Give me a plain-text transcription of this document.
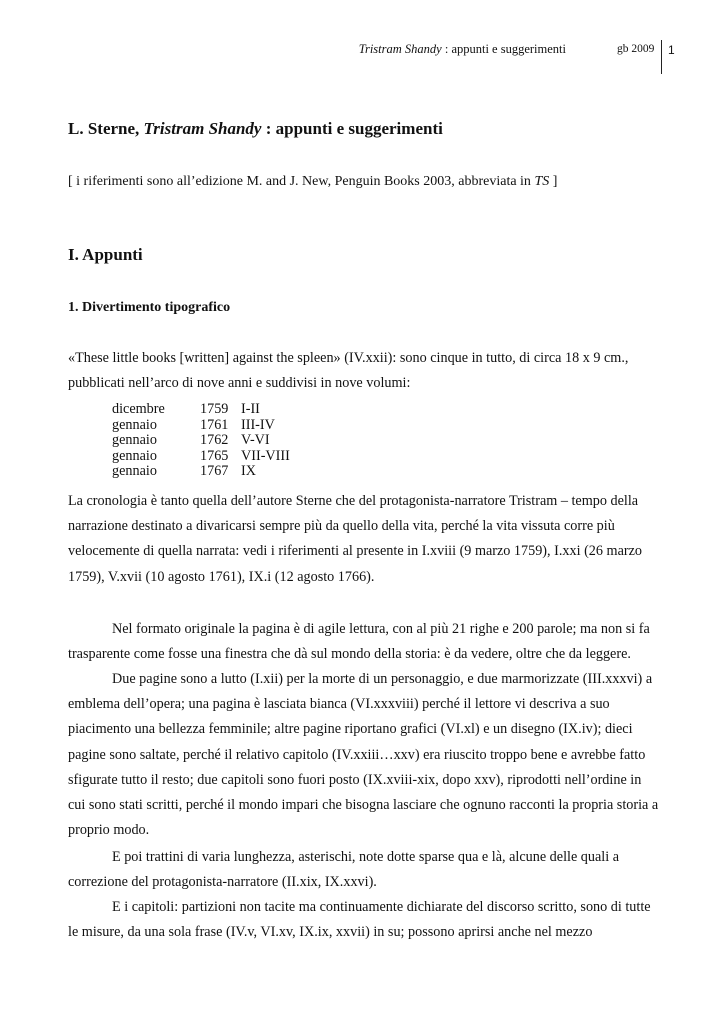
Tristram Shandy : appunti e suggerimenti	gb 2009 1
L. Sterne, Tristram Shandy : appunti e suggerimenti

[ i riferimenti sono all’edizione M. and J. New, Penguin Books 2003, abbreviata in TS ]

I. Appunti
1. Divertimento tipografico

«These little books [written] against the spleen» (IV.xxii): sono cinque in tutto, di circa 18 x 9 cm., pubblicati nell’arco di nove anni e suddivisi in nove volumi:

dicembre	1759 I-II
gennaio	1761 III-IV
gennaio	1762 V-VI
gennaio	1765 VII-VIII
gennaio	1767 IX

La cronologia è tanto quella dell’autore Sterne che del protagonista-narratore Tristram – tempo della narrazione destinato a divaricarsi sempre più da quello della vita, perché la vita vissuta corre più velocemente di quella narrata: vedi i riferimenti al presente in I.xviii (9 marzo 1759), I.xxi (26 marzo 1759), V.xvii (10 agosto 1761), IX.i (12 agosto 1766).

Nel formato originale la pagina è di agile lettura, con al più 21 righe e 200 parole; ma non si fa trasparente come fosse una finestra che dà sul mondo della storia: è da vedere, oltre che da leggere.

Due pagine sono a lutto (I.xii) per la morte di un personaggio, e due marmorizzate (III.xxxvi) a emblema dell’opera; una pagina è lasciata bianca (VI.xxxviii) perché il lettore vi descriva a suo piacimento una bellezza femminile; altre pagine riportano grafici (VI.xl) e un disegno (IX.iv); dieci pagine sono saltate, perché il relativo capitolo (IV.xxiii…xxv) era riuscito troppo bene e avrebbe fatto sfigurate tutto il resto; due capitoli sono fuori posto (IX.xviii-xix, dopo xxv), riprodotti nell’ordine in cui sono stati scritti, perché il mondo impari che bisogna lasciare che ognuno racconti la propria storia a proprio modo.

E poi trattini di varia lunghezza, asterischi, note dotte sparse qua e là, alcune delle quali a correzione del protagonista-narratore (II.xix, IX.xxvi).

E i capitoli: partizioni non tacite ma continuamente dichiarate del discorso scritto, sono di tutte le misure, da una sola frase (IV.v, VI.xv, IX.ix, xxvii) in su; possono aprirsi anche nel mezzo
